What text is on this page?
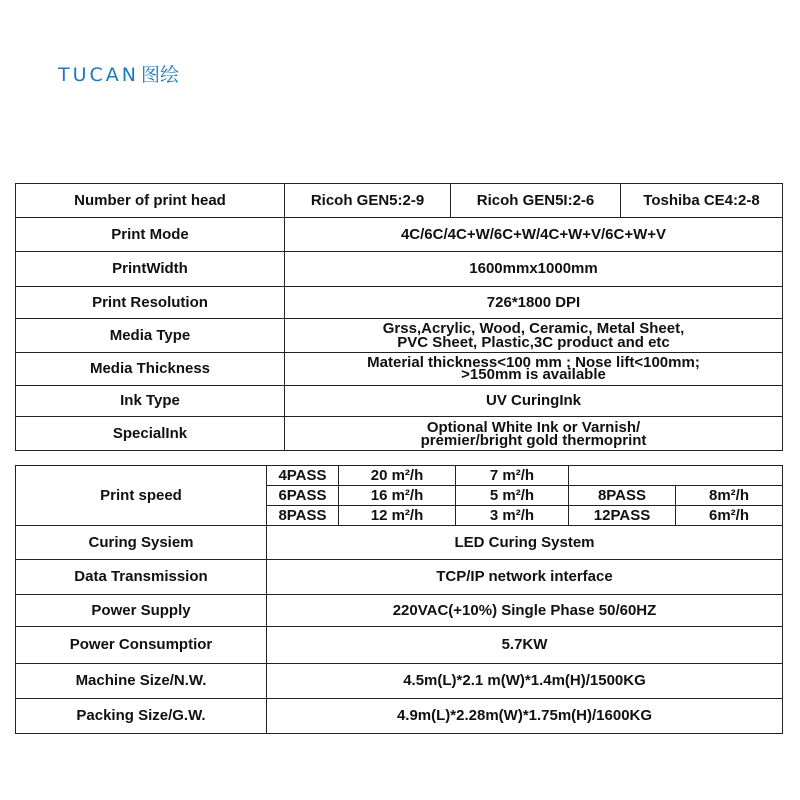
TUCAN 图绘
Number of print head	Ricoh GEN5:2-9	Ricoh GEN5I:2-6	Toshiba CE4:2-8
Print Mode	4C/6C/4C+W/6C+W/4C+W+V/6C+W+V		
PrintWidth	1600mmx1000mm		
Print Resolution	726*1800 DPI		
Media Type	Grss,Acrylic, Wood, Ceramic, Metal Sheet, PVC Sheet, Plastic,3C product and etc		
Media Thickness	Material thickness<100 mm ; Nose lift<100mm; >150mm is available		
Ink Type	UV CuringInk		
SpecialInk	Optional White Ink or Varnish/ premier/bright gold thermoprint		
Print speed	4PASS	20 m²/h	7 m²/h		
	6PASS	16 m²/h	5 m²/h	8PASS	8m²/h
	8PASS	12 m²/h	3 m²/h	12PASS	6m²/h
Curing Sysiem	LED Curing System				
Data Transmission	TCP/IP network interface				
Power Supply	220VAC(+10%) Single Phase 50/60HZ				
Power Consumptior	5.7KW				
Machine Size/N.W.	4.5m(L)*2.1 m(W)*1.4m(H)/1500KG				
Packing Size/G.W.	4.9m(L)*2.28m(W)*1.75m(H)/1600KG				
